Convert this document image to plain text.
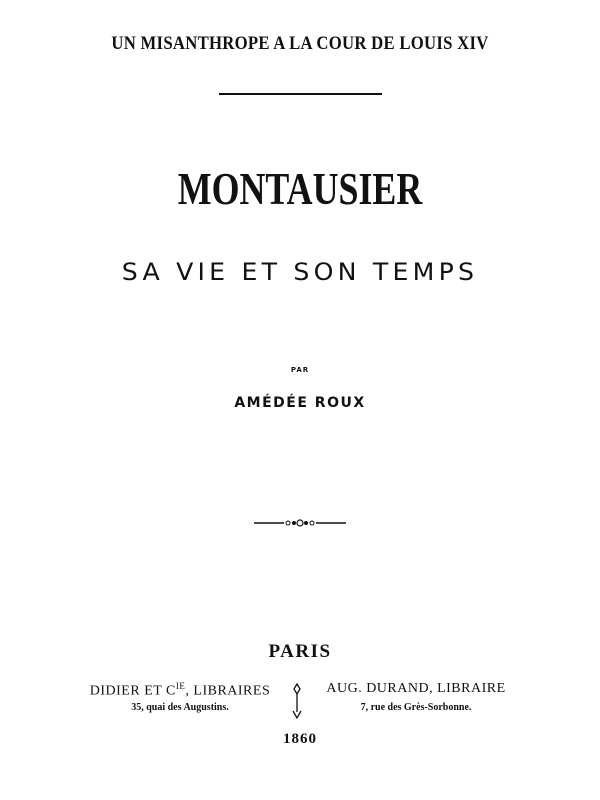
UN MISANTHROPE A LA COUR DE LOUIS XIV
MONTAUSIER
SA VIE ET SON TEMPS
PAR
AMÉDÉE ROUX
PARIS
DIDIER ET $C^{IE}$, LIBRAIRES
35, quai des Augustins.
AUG. DURAND, LIBRAIRE
7, rue des Grès-Sorbonne.
1860
